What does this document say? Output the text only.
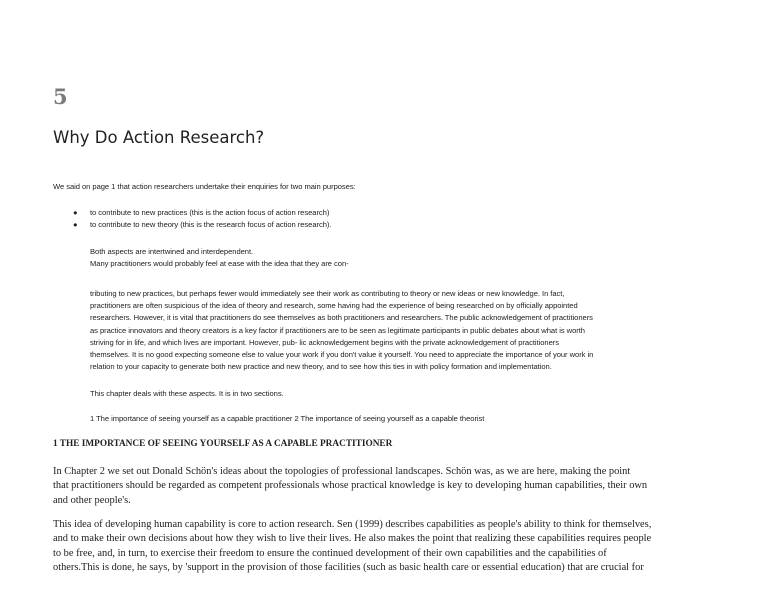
5
Why Do Action Research?
We said on page 1 that action researchers undertake their enquiries for two main purposes:
● to contribute to new practices (this is the action focus of action research)
● to contribute to new theory (this is the research focus of action research).
Both aspects are intertwined and interdependent.
Many practitioners would probably feel at ease with the idea that they are con-
tributing to new practices, but perhaps fewer would immediately see their work as contributing to theory or new ideas or new knowledge. In fact,
practitioners are often suspicious of the idea of theory and research, some having had the experience of being researched on by officially appointed
researchers. However, it is vital that practitioners do see themselves as both practitioners and researchers. The public acknowledgement of practitioners
as practice innovators and theory creators is a key factor if practitioners are to be seen as legitimate participants in public debates about what is worth
striving for in life, and which lives are important. However, pub- lic acknowledgement begins with the private acknowledgement of practitioners
themselves. It is no good expecting someone else to value your work if you don't value it yourself. You need to appreciate the importance of your work in
relation to your capacity to generate both new practice and new theory, and to see how this ties in with policy formation and implementation.
This chapter deals with these aspects. It is in two sections.
1 The importance of seeing yourself as a capable practitioner 2 The importance of seeing yourself as a capable theorist
1 THE IMPORTANCE OF SEEING YOURSELF AS A CAPABLE PRACTITIONER
In Chapter 2 we set out Donald Schӧn's ideas about the topologies of professional landscapes. Schӧn was, as we are here, making the point
that practitioners should be regarded as competent professionals whose practical knowledge is key to developing human capabilities, their own
and other people's.
This idea of developing human capability is core to action research. Sen (1999) describes capabilities as people's ability to think for themselves,
and to make their own decisions about how they wish to live their lives. He also makes the point that realizing these capabilities requires people
to be free, and, in turn, to exercise their freedom to ensure the continued development of their own capabilities and the capabilities of
others.This is done, he says, by 'support in the provision of those facilities (such as basic health care or essential education) that are crucial for
